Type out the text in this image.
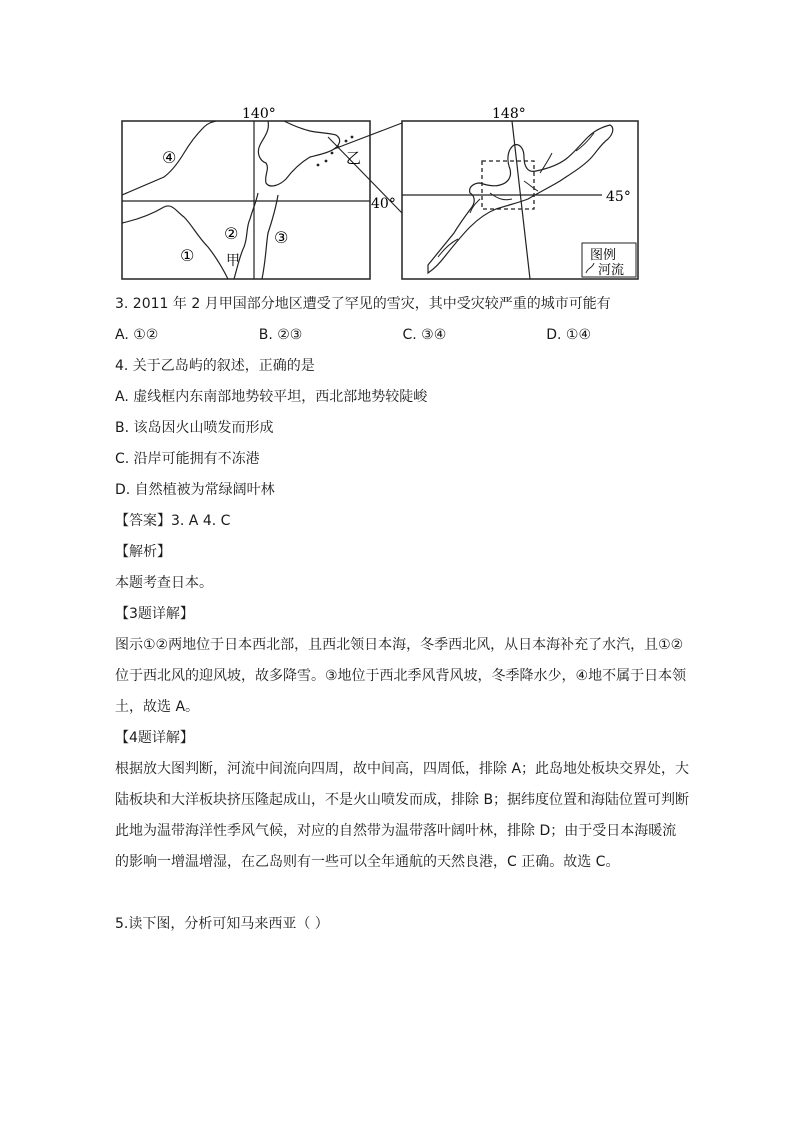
140°
40°
④
② ③
① 甲
148°
45°
乙
图例
河流
3. 2011 年 2 月甲国部分地区遭受了罕见的雪灾，其中受灾较严重的城市可能有
A. ①②	B. ②③	C. ③④	D. ①④
4. 关于乙岛屿的叙述，正确的是
A. 虚线框内东南部地势较平坦，西北部地势较陡峻
B. 该岛因火山喷发而形成
C. 沿岸可能拥有不冻港
D. 自然植被为常绿阔叶林
【答案】3. A 4. C
【解析】
本题考查日本。
【3题详解】
图示①②两地位于日本西北部，且西北领日本海，冬季西北风，从日本海补充了水汽，且①②位于西北风的迎风坡，故多降雪。③地位于西北季风背风坡，冬季降水少，④地不属于日本领土，故选 A。
【4题详解】
根据放大图判断，河流中间流向四周，故中间高，四周低，排除 A；此岛地处板块交界处，大陆板块和大洋板块挤压隆起成山，不是火山喷发而成，排除 B；据纬度位置和海陆位置可判断此地为温带海洋性季风气候，对应的自然带为温带落叶阔叶林，排除 D；由于受日本海暖流的影响一增温增湿，在乙岛则有一些可以全年通航的天然良港，C 正确。故选 C。
5.读下图，分析可知马来西亚（ ）
